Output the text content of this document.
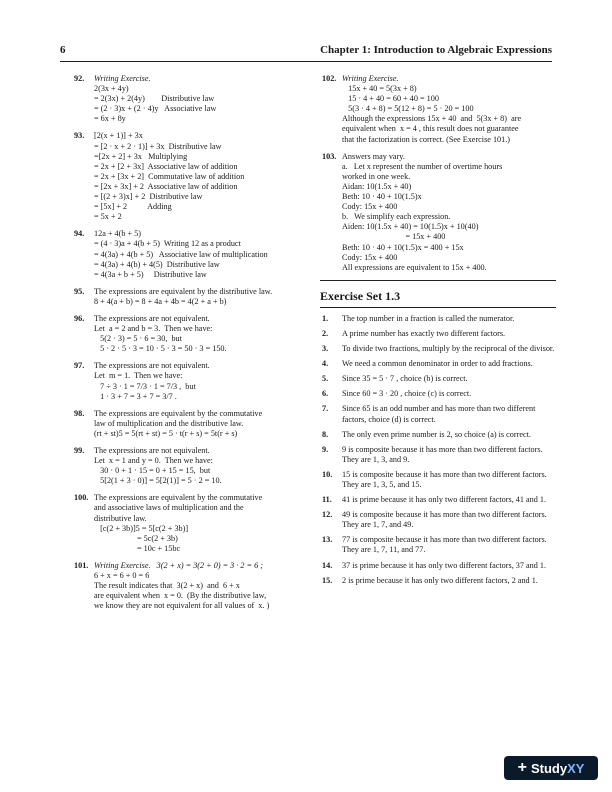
6	Chapter 1: Introduction to Algebraic Expressions
92.	Writing Exercise.
2(3x + 4y)
= 2(3x) + 2(4y)        Distributive law
= (2 · 3)x + (2 · 4)y   Associative law
= 6x + 8y
93.	[2(x + 1)] + 3x
= [2 · x + 2 · 1)] + 3x  Distributive law
=[2x + 2] + 3x   Multiplying
= 2x + [2 + 3x]  Associative law of addition
= 2x + [3x + 2]  Commutative law of addition
= [2x + 3x] + 2  Associative law of addition
= [(2 + 3)x] + 2  Distributive law
= [5x] + 2          Adding
= 5x + 2
94.	12a + 4(b + 5)
= (4 · 3)a + 4(b + 5)  Writing 12 as a product
= 4(3a) + 4(b + 5)   Associative law of multiplication
= 4(3a) + 4(b) + 4(5)  Distributive law
= 4(3a + b + 5)     Distributive law
95.	The expressions are equivalent by the distributive law.
8 + 4(a + b) = 8 + 4a + 4b = 4(2 + a + b)
96.	The expressions are not equivalent.
Let  a = 2 and b = 3.  Then we have:
5(2 · 3) = 5 · 6 = 30,  but
5 · 2 · 5 · 3 = 10 · 5 · 3 = 50 · 3 = 150.
97.	The expressions are not equivalent.
Let  m = 1.  Then we have:
7 ÷ 3 · 1 = 7/3 · 1 = 7/3 ,  but
1 · 3 + 7 = 3 + 7 = 3/7 .
98.	The expressions are equivalent by the commutative
law of multiplication and the distributive law.
(rt + st)5 = 5(rt + st) = 5 · t(r + s) = 5t(r + s)
99.	The expressions are not equivalent.
Let  x = 1 and y = 0.  Then we have:
30 · 0 + 1 · 15 = 0 + 15 = 15,  but
5[2(1 + 3 · 0)] = 5[2(1)] = 5 · 2 = 10.
100. The expressions are equivalent by the commutative
and associative laws of multiplication and the
distributive law.
[c(2 + 3b)]5 = 5[c(2 + 3b)]
= 5c(2 + 3b)
= 10c + 15bc
101. Writing Exercise.   3(2 + x) = 3(2 + 0) = 3 · 2 = 6 ;
6 + x = 6 + 0 = 6
The result indicates that  3(2 + x)  and  6 + x
are equivalent when  x = 0.  (By the distributive law,
we know they are not equivalent for all values of  x. )
102. Writing Exercise.
15x + 40 = 5(3x + 8)
15 · 4 + 40 = 60 + 40 = 100
5(3 · 4 + 8) = 5(12 + 8) = 5 · 20 = 100
Although the expressions 15x + 40  and  5(3x + 8)  are
equivalent when  x = 4 , this result does not guarantee
that the factorization is correct. (See Exercise 101.)
103. Answers may vary.
a.   Let x represent the number of overtime hours
worked in one week.
Aidan: 10(1.5x + 40)
Beth: 10 · 40 + 10(1.5)x
Cody: 15x + 400
b.   We simplify each expression.
Aiden: 10(1.5x + 40) = 10(1.5)x + 10(40)
= 15x + 400
Beth: 10 · 40 + 10(1.5)x = 400 + 15x
Cody: 15x + 400
All expressions are equivalent to 15x + 400.
Exercise Set 1.3
1. The top number in a fraction is called the numerator.
2. A prime number has exactly two different factors.
3. To divide two fractions, multiply by the reciprocal of the divisor.
4. We need a common denominator in order to add fractions.
5. Since 35 = 5 · 7 , choice (b) is correct.
6. Since 60 = 3 · 20 , choice (c) is correct.
7. Since 65 is an odd number and has more than two different factors, choice (d) is correct.
8. The only even prime number is 2, so choice (a) is correct.
9. 9 is composite because it has more than two different factors. They are 1, 3, and 9.
10. 15 is composite because it has more than two different factors. They are 1, 3, 5, and 15.
11. 41 is prime because it has only two different factors, 41 and 1.
12. 49 is composite because it has more than two different factors. They are 1, 7, and 49.
13. 77 is composite because it has more than two different factors. They are 1, 7, 11, and 77.
14. 37 is prime because it has only two different factors, 37 and 1.
15. 2 is prime because it has only two different factors, 2 and 1.
+ StudyXY
